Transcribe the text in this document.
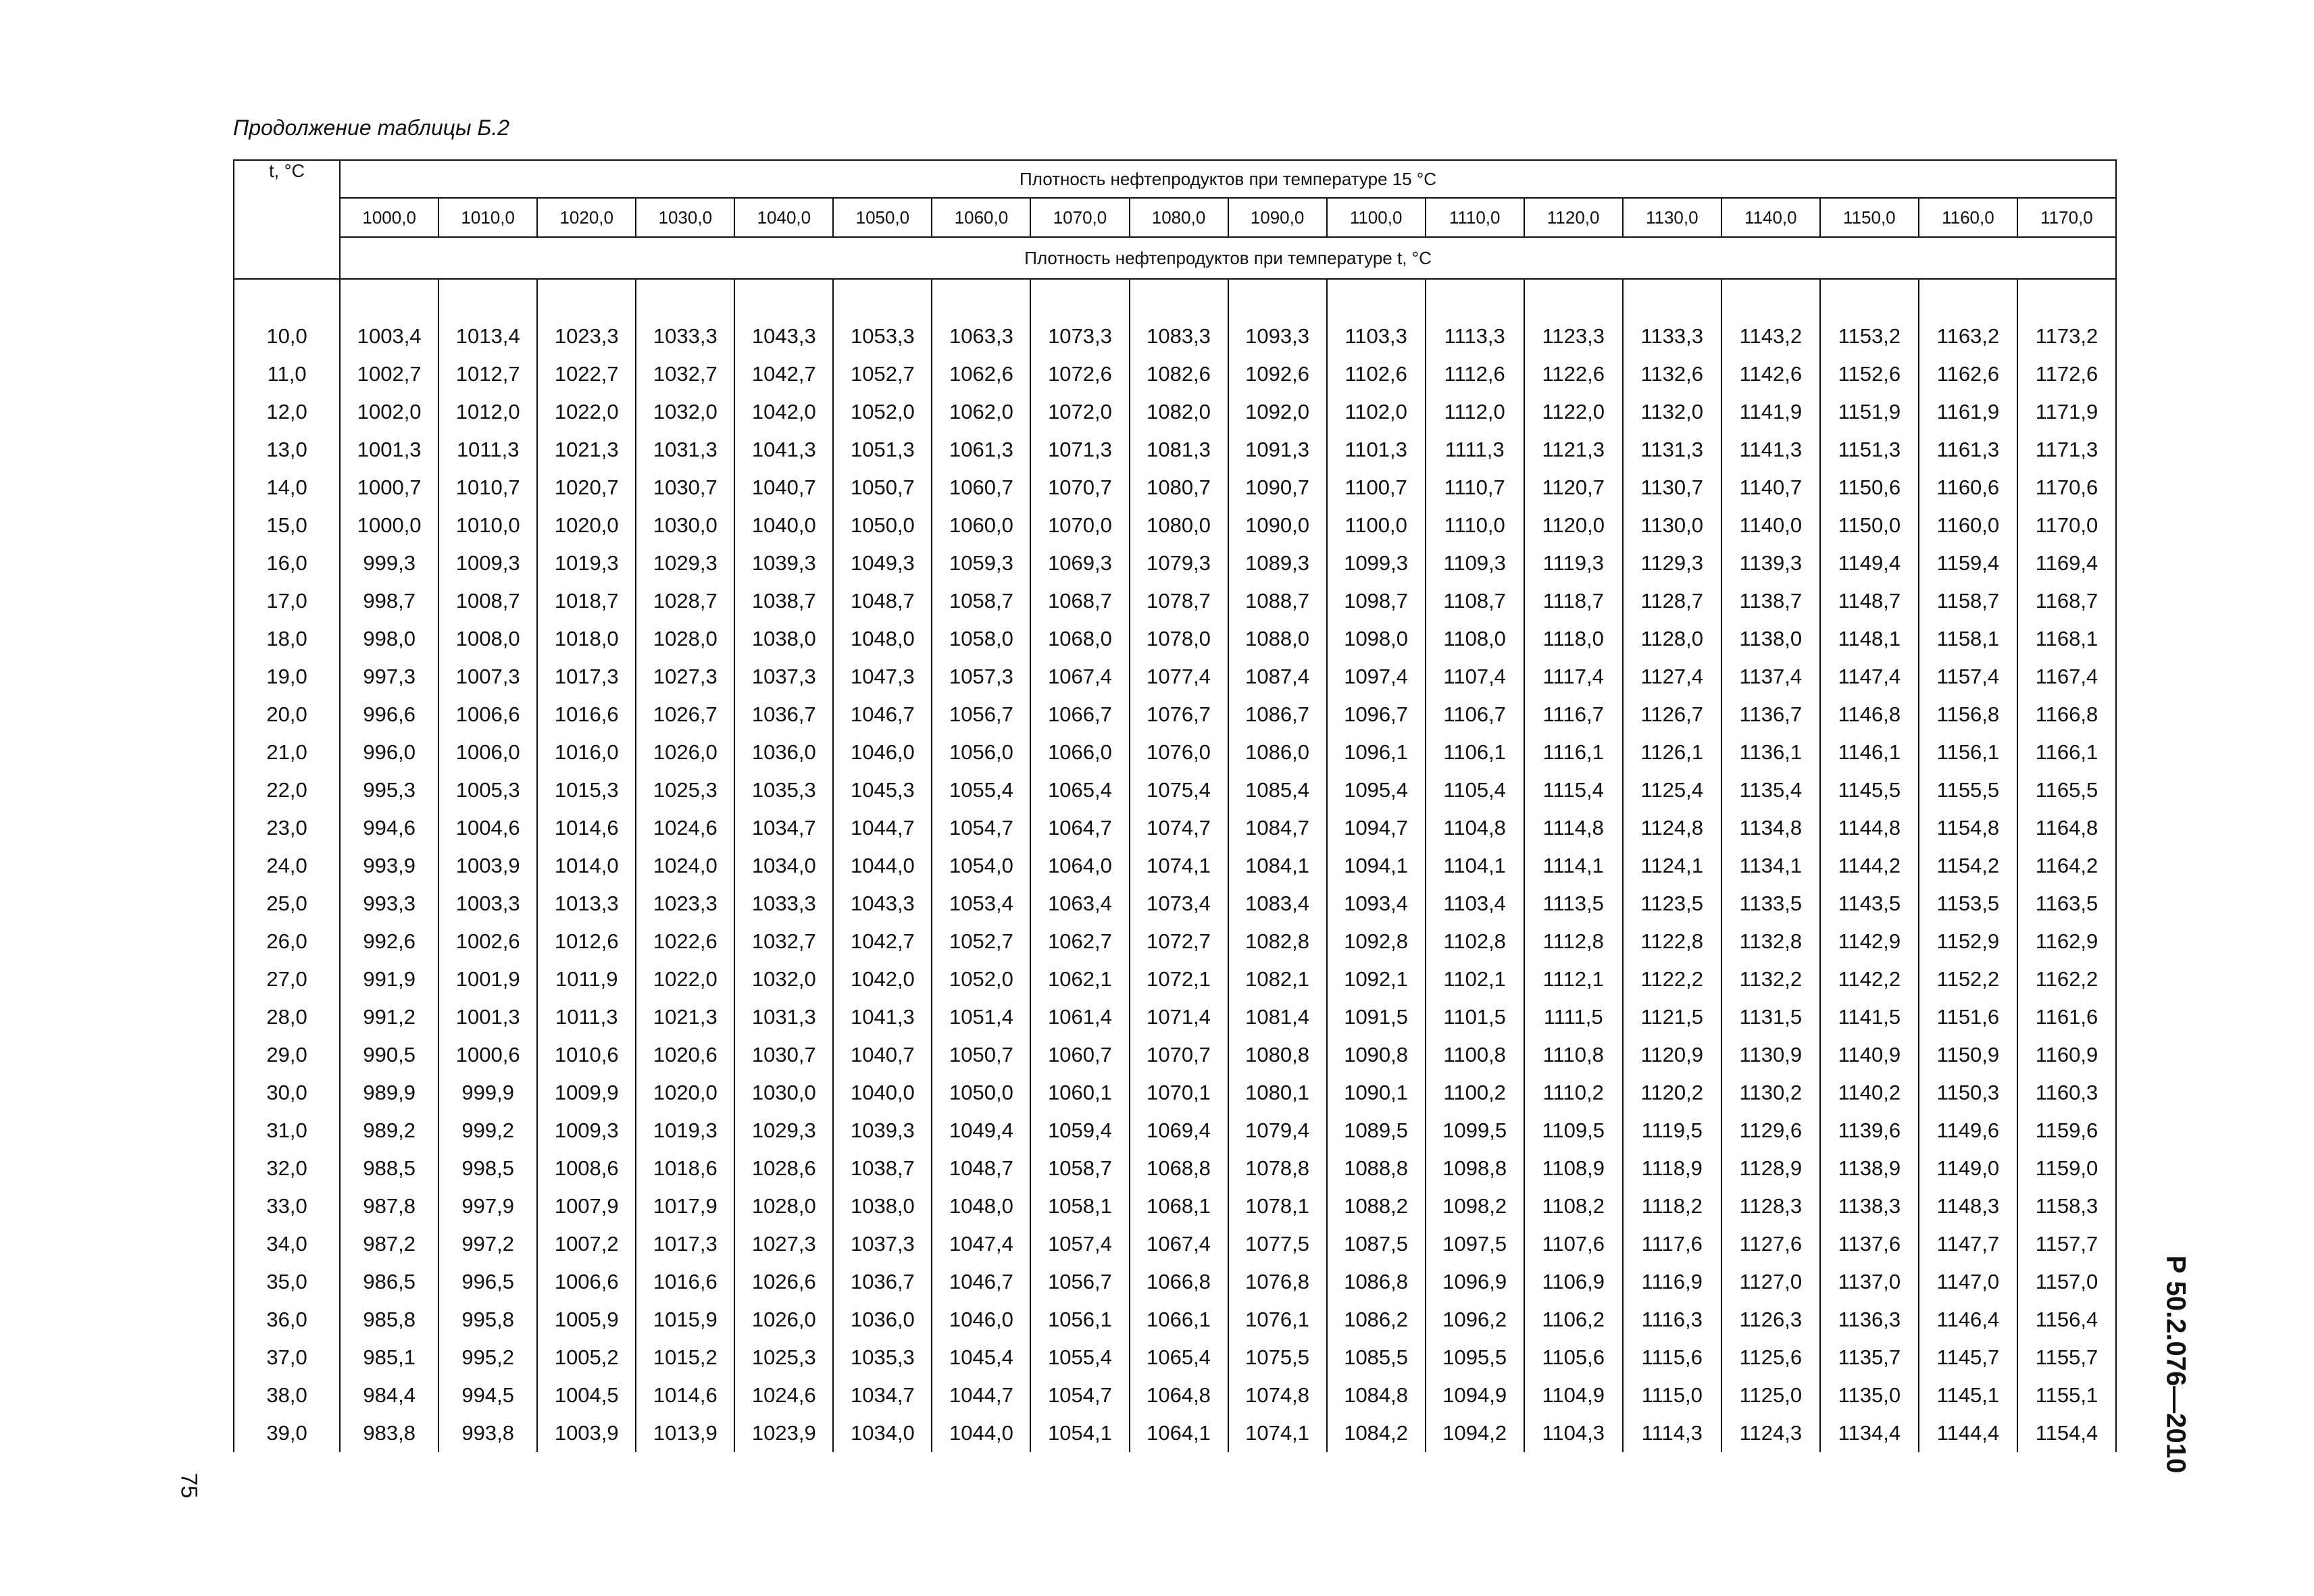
Продолжение таблицы Б.2
t, °C	Плотность нефтепродуктов при температуре 15 °C																	
	1000,0	1010,0	1020,0	1030,0	1040,0	1050,0	1060,0	1070,0	1080,0	1090,0	1100,0	1110,0	1120,0	1130,0	1140,0	1150,0	1160,0	1170,0
	Плотность нефтепродуктов при температуре t, °C																	

10,0	1003,4	1013,4	1023,3	1033,3	1043,3	1053,3	1063,3	1073,3	1083,3	1093,3	1103,3	1113,3	1123,3	1133,3	1143,2	1153,2	1163,2	1173,2
11,0	1002,7	1012,7	1022,7	1032,7	1042,7	1052,7	1062,6	1072,6	1082,6	1092,6	1102,6	1112,6	1122,6	1132,6	1142,6	1152,6	1162,6	1172,6
12,0	1002,0	1012,0	1022,0	1032,0	1042,0	1052,0	1062,0	1072,0	1082,0	1092,0	1102,0	1112,0	1122,0	1132,0	1141,9	1151,9	1161,9	1171,9
13,0	1001,3	1011,3	1021,3	1031,3	1041,3	1051,3	1061,3	1071,3	1081,3	1091,3	1101,3	1111,3	1121,3	1131,3	1141,3	1151,3	1161,3	1171,3
14,0	1000,7	1010,7	1020,7	1030,7	1040,7	1050,7	1060,7	1070,7	1080,7	1090,7	1100,7	1110,7	1120,7	1130,7	1140,7	1150,6	1160,6	1170,6
15,0	1000,0	1010,0	1020,0	1030,0	1040,0	1050,0	1060,0	1070,0	1080,0	1090,0	1100,0	1110,0	1120,0	1130,0	1140,0	1150,0	1160,0	1170,0
16,0	999,3	1009,3	1019,3	1029,3	1039,3	1049,3	1059,3	1069,3	1079,3	1089,3	1099,3	1109,3	1119,3	1129,3	1139,3	1149,4	1159,4	1169,4
17,0	998,7	1008,7	1018,7	1028,7	1038,7	1048,7	1058,7	1068,7	1078,7	1088,7	1098,7	1108,7	1118,7	1128,7	1138,7	1148,7	1158,7	1168,7
18,0	998,0	1008,0	1018,0	1028,0	1038,0	1048,0	1058,0	1068,0	1078,0	1088,0	1098,0	1108,0	1118,0	1128,0	1138,0	1148,1	1158,1	1168,1
19,0	997,3	1007,3	1017,3	1027,3	1037,3	1047,3	1057,3	1067,4	1077,4	1087,4	1097,4	1107,4	1117,4	1127,4	1137,4	1147,4	1157,4	1167,4
20,0	996,6	1006,6	1016,6	1026,7	1036,7	1046,7	1056,7	1066,7	1076,7	1086,7	1096,7	1106,7	1116,7	1126,7	1136,7	1146,8	1156,8	1166,8
21,0	996,0	1006,0	1016,0	1026,0	1036,0	1046,0	1056,0	1066,0	1076,0	1086,0	1096,1	1106,1	1116,1	1126,1	1136,1	1146,1	1156,1	1166,1
22,0	995,3	1005,3	1015,3	1025,3	1035,3	1045,3	1055,4	1065,4	1075,4	1085,4	1095,4	1105,4	1115,4	1125,4	1135,4	1145,5	1155,5	1165,5
23,0	994,6	1004,6	1014,6	1024,6	1034,7	1044,7	1054,7	1064,7	1074,7	1084,7	1094,7	1104,8	1114,8	1124,8	1134,8	1144,8	1154,8	1164,8
24,0	993,9	1003,9	1014,0	1024,0	1034,0	1044,0	1054,0	1064,0	1074,1	1084,1	1094,1	1104,1	1114,1	1124,1	1134,1	1144,2	1154,2	1164,2
25,0	993,3	1003,3	1013,3	1023,3	1033,3	1043,3	1053,4	1063,4	1073,4	1083,4	1093,4	1103,4	1113,5	1123,5	1133,5	1143,5	1153,5	1163,5
26,0	992,6	1002,6	1012,6	1022,6	1032,7	1042,7	1052,7	1062,7	1072,7	1082,8	1092,8	1102,8	1112,8	1122,8	1132,8	1142,9	1152,9	1162,9
27,0	991,9	1001,9	1011,9	1022,0	1032,0	1042,0	1052,0	1062,1	1072,1	1082,1	1092,1	1102,1	1112,1	1122,2	1132,2	1142,2	1152,2	1162,2
28,0	991,2	1001,3	1011,3	1021,3	1031,3	1041,3	1051,4	1061,4	1071,4	1081,4	1091,5	1101,5	1111,5	1121,5	1131,5	1141,5	1151,6	1161,6
29,0	990,5	1000,6	1010,6	1020,6	1030,7	1040,7	1050,7	1060,7	1070,7	1080,8	1090,8	1100,8	1110,8	1120,9	1130,9	1140,9	1150,9	1160,9
30,0	989,9	999,9	1009,9	1020,0	1030,0	1040,0	1050,0	1060,1	1070,1	1080,1	1090,1	1100,2	1110,2	1120,2	1130,2	1140,2	1150,3	1160,3
31,0	989,2	999,2	1009,3	1019,3	1029,3	1039,3	1049,4	1059,4	1069,4	1079,4	1089,5	1099,5	1109,5	1119,5	1129,6	1139,6	1149,6	1159,6
32,0	988,5	998,5	1008,6	1018,6	1028,6	1038,7	1048,7	1058,7	1068,8	1078,8	1088,8	1098,8	1108,9	1118,9	1128,9	1138,9	1149,0	1159,0
33,0	987,8	997,9	1007,9	1017,9	1028,0	1038,0	1048,0	1058,1	1068,1	1078,1	1088,2	1098,2	1108,2	1118,2	1128,3	1138,3	1148,3	1158,3
34,0	987,2	997,2	1007,2	1017,3	1027,3	1037,3	1047,4	1057,4	1067,4	1077,5	1087,5	1097,5	1107,6	1117,6	1127,6	1137,6	1147,7	1157,7
35,0	986,5	996,5	1006,6	1016,6	1026,6	1036,7	1046,7	1056,7	1066,8	1076,8	1086,8	1096,9	1106,9	1116,9	1127,0	1137,0	1147,0	1157,0
36,0	985,8	995,8	1005,9	1015,9	1026,0	1036,0	1046,0	1056,1	1066,1	1076,1	1086,2	1096,2	1106,2	1116,3	1126,3	1136,3	1146,4	1156,4
37,0	985,1	995,2	1005,2	1015,2	1025,3	1035,3	1045,4	1055,4	1065,4	1075,5	1085,5	1095,5	1105,6	1115,6	1125,6	1135,7	1145,7	1155,7
38,0	984,4	994,5	1004,5	1014,6	1024,6	1034,7	1044,7	1054,7	1064,8	1074,8	1084,8	1094,9	1104,9	1115,0	1125,0	1135,0	1145,1	1155,1
39,0	983,8	993,8	1003,9	1013,9	1023,9	1034,0	1044,0	1054,1	1064,1	1074,1	1084,2	1094,2	1104,3	1114,3	1124,3	1134,4	1144,4	1154,4 Р 50.2.076—2010
75
